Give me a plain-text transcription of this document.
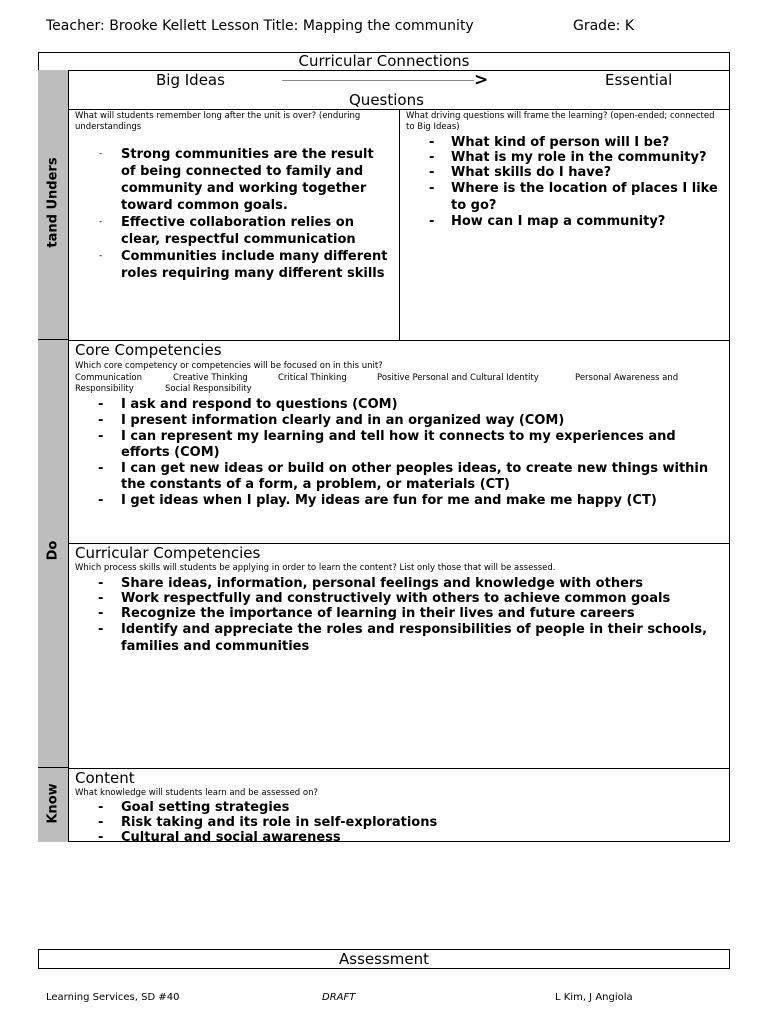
Teacher: Brooke Kellett Lesson Title: Mapping the community	Grade: K
Curricular Connections
tand Unders
Do
Know
Big Ideas	>	Essential
Questions
What will students remember long after the unit is over? (enduring understandings
- Strong communities are the result of being connected to family and community and working together toward common goals.
- Effective collaboration relies on clear, respectful communication
- Communities include many different roles requiring many different skills
What driving questions will frame the learning? (open-ended; connected to Big Ideas)
- What kind of person will I be?
- What is my role in the community?
- What skills do I have?
- Where is the location of places I like to go?
- How can I map a community?
Core Competencies
Which core competency or competencies will be focused on in this unit?
Communication	Creative Thinking	Critical Thinking	Positive Personal and Cultural Identity	Personal Awareness and
Responsibility	Social Responsibility
- I ask and respond to questions (COM)
- I present information clearly and in an organized way (COM)
- I can represent my learning and tell how it connects to my experiences and efforts (COM)
- I can get new ideas or build on other peoples ideas, to create new things within the constants of a form, a problem, or materials (CT)
- I get ideas when I play. My ideas are fun for me and make me happy (CT)
Curricular Competencies
Which process skills will students be applying in order to learn the content? List only those that will be assessed.
- Share ideas, information, personal feelings and knowledge with others
- Work respectfully and constructively with others to achieve common goals
- Recognize the importance of learning in their lives and future careers
- Identify and appreciate the roles and responsibilities of people in their schools, families and communities
Content
What knowledge will students learn and be assessed on?
- Goal setting strategies
- Risk taking and its role in self-explorations
- Cultural and social awareness
Assessment
Learning Services, SD #40	DRAFT	L Kim, J Angiola
